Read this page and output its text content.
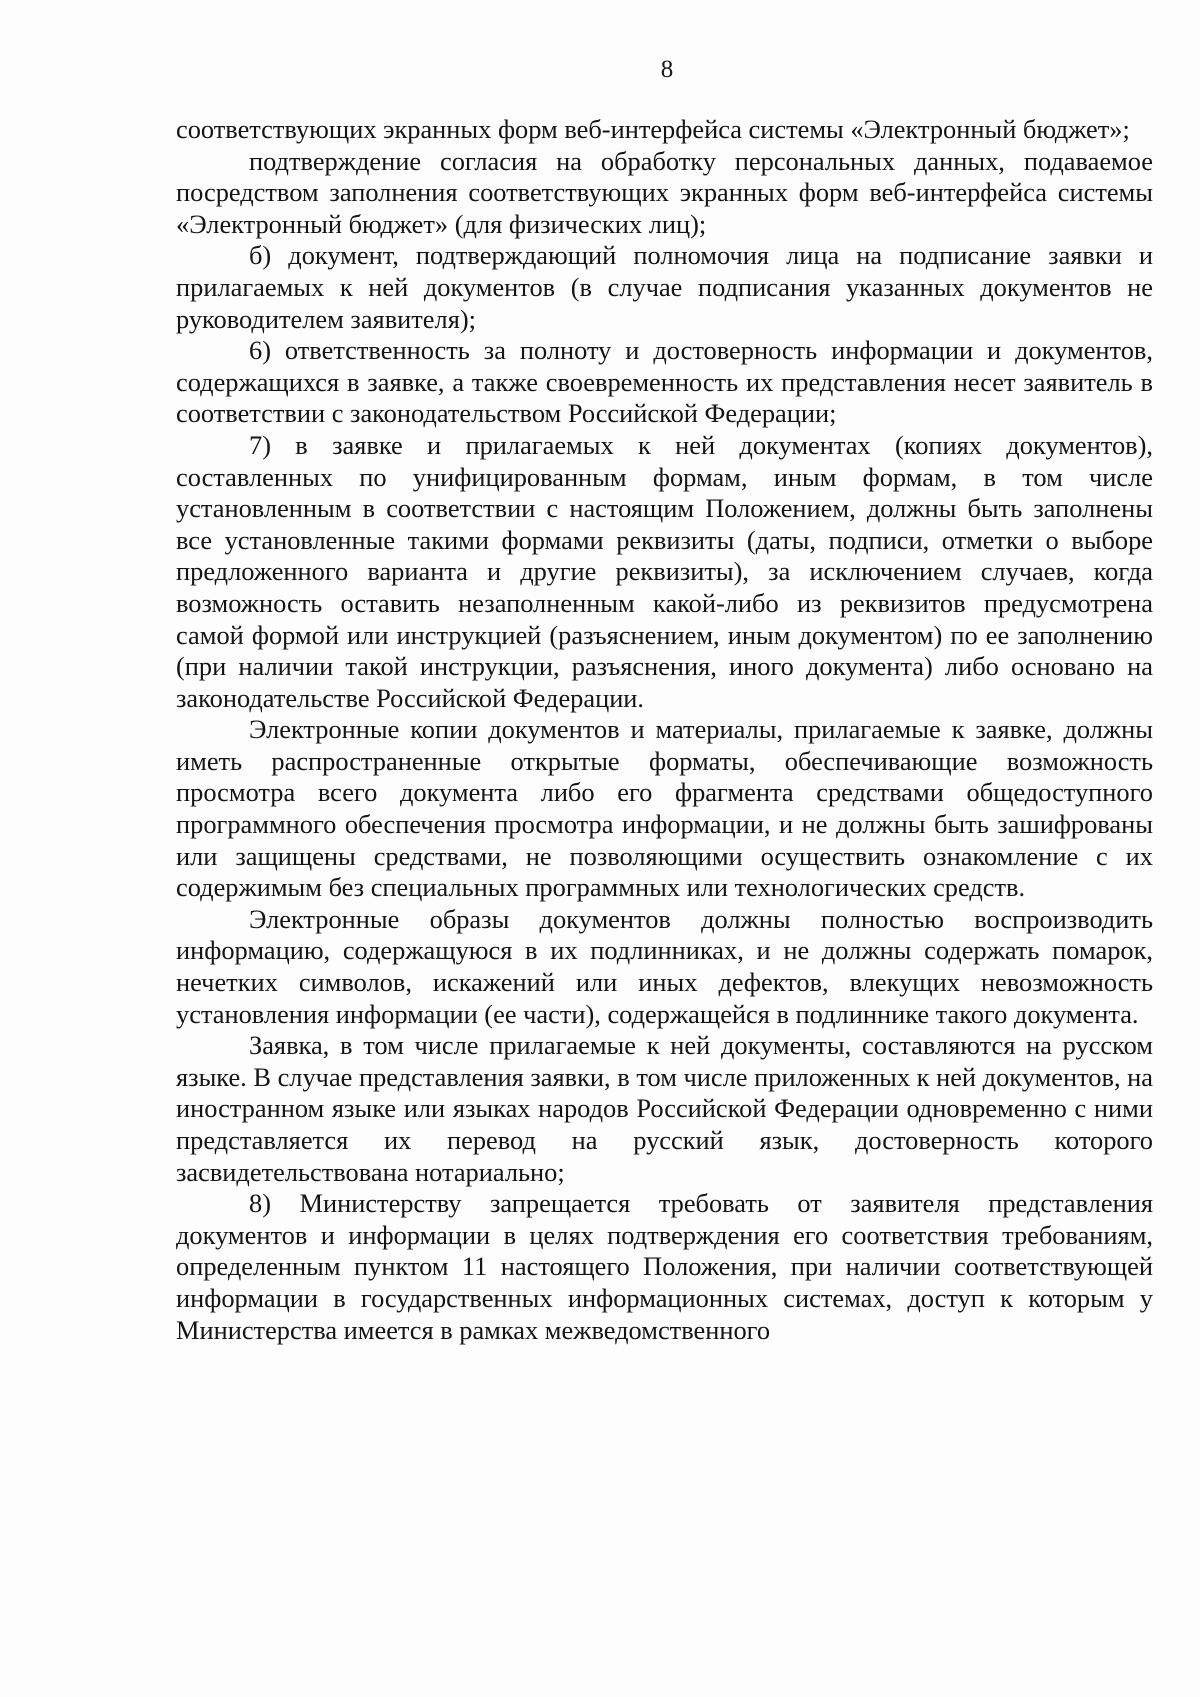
8

соответствующих экранных форм веб-интерфейса системы «Электронный бюджет»;

подтверждение согласия на обработку персональных данных, подаваемое посредством заполнения соответствующих экранных форм веб-интерфейса системы «Электронный бюджет» (для физических лиц);

б) документ, подтверждающий полномочия лица на подписание заявки и прилагаемых к ней документов (в случае подписания указанных документов не руководителем заявителя);

6) ответственность за полноту и достоверность информации и документов, содержащихся в заявке, а также своевременность их представления несет заявитель в соответствии с законодательством Российской Федерации;

7) в заявке и прилагаемых к ней документах (копиях документов), составленных по унифицированным формам, иным формам, в том числе установленным в соответствии с настоящим Положением, должны быть заполнены все установленные такими формами реквизиты (даты, подписи, отметки о выборе предложенного варианта и другие реквизиты), за исключением случаев, когда возможность оставить незаполненным какой-либо из реквизитов предусмотрена самой формой или инструкцией (разъяснением, иным документом) по ее заполнению (при наличии такой инструкции, разъяснения, иного документа) либо основано на законодательстве Российской Федерации.

Электронные копии документов и материалы, прилагаемые к заявке, должны иметь распространенные открытые форматы, обеспечивающие возможность просмотра всего документа либо его фрагмента средствами общедоступного программного обеспечения просмотра информации, и не должны быть зашифрованы или защищены средствами, не позволяющими осуществить ознакомление с их содержимым без специальных программных или технологических средств.

Электронные образы документов должны полностью воспроизводить информацию, содержащуюся в их подлинниках, и не должны содержать помарок, нечетких символов, искажений или иных дефектов, влекущих невозможность установления информации (ее части), содержащейся в подлиннике такого документа.

Заявка, в том числе прилагаемые к ней документы, составляются на русском языке. В случае представления заявки, в том числе приложенных к ней документов, на иностранном языке или языках народов Российской Федерации одновременно с ними представляется их перевод на русский язык, достоверность которого засвидетельствована нотариально;

8) Министерству запрещается требовать от заявителя представления документов и информации в целях подтверждения его соответствия требованиям, определенным пунктом 11 настоящего Положения, при наличии соответствующей информации в государственных информационных системах, доступ к которым у Министерства имеется в рамках межведомственного
